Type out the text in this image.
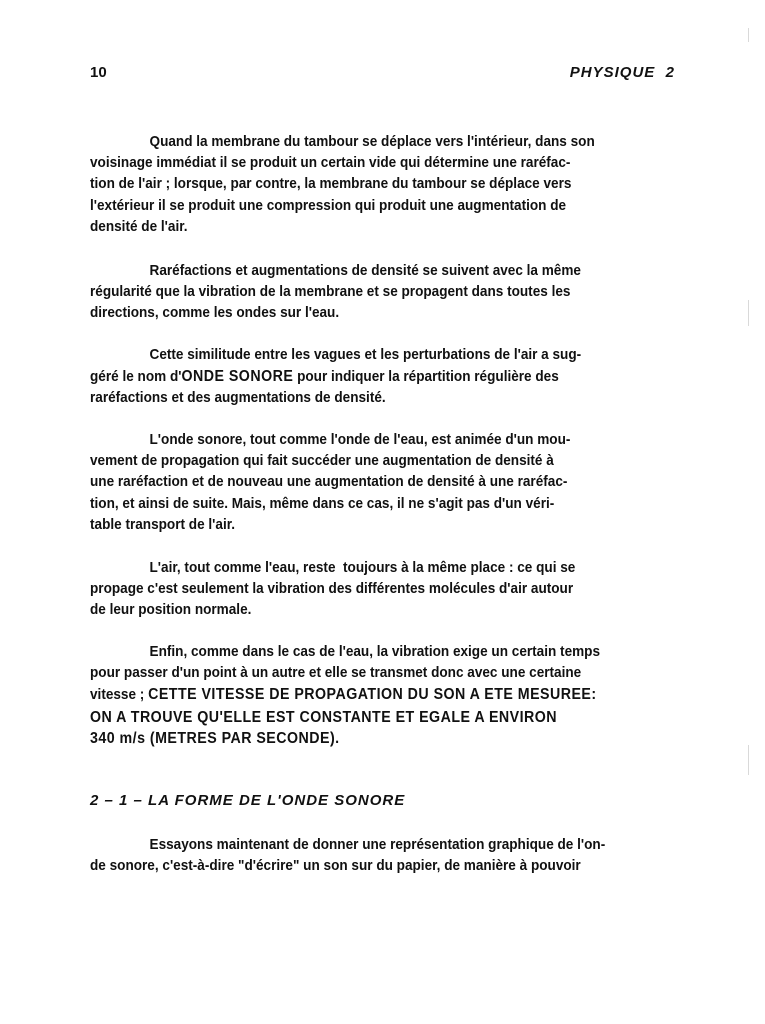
10	PHYSIQUE  2

Quand la membrane du tambour se déplace vers l'intérieur, dans son
voisinage immédiat il se produit un certain vide qui détermine une raréfac-
tion de l'air ; lorsque, par contre, la membrane du tambour se déplace vers
l'extérieur il se produit une compression qui produit une augmentation de
densité de l'air.

Raréfactions et augmentations de densité se suivent avec la même
régularité que la vibration de la membrane et se propagent dans toutes les
directions, comme les ondes sur l'eau.

Cette similitude entre les vagues et les perturbations de l'air a sug-
géré le nom d'ONDE SONORE pour indiquer la répartition régulière des
raréfactions et des augmentations de densité.

L'onde sonore, tout comme l'onde de l'eau, est animée d'un mou-
vement de propagation qui fait succéder une augmentation de densité à
une raréfaction et de nouveau une augmentation de densité à une raréfac-
tion, et ainsi de suite. Mais, même dans ce cas, il ne s'agit pas d'un véri-
table transport de l'air.

L'air, tout comme l'eau, reste  toujours à la même place : ce qui se
propage c'est seulement la vibration des différentes molécules d'air autour
de leur position normale.

Enfin, comme dans le cas de l'eau, la vibration exige un certain temps
pour passer d'un point à un autre et elle se transmet donc avec une certaine
vitesse ; CETTE VITESSE DE PROPAGATION DU SON A ETE MESUREE:
ON A TROUVE QU'ELLE EST CONSTANTE ET EGALE A ENVIRON
340 m/s (METRES PAR SECONDE).

2 – 1 – LA FORME DE L'ONDE SONORE

Essayons maintenant de donner une représentation graphique de l'on-
de sonore, c'est-à-dire "d'écrire" un son sur du papier, de manière à pouvoir
